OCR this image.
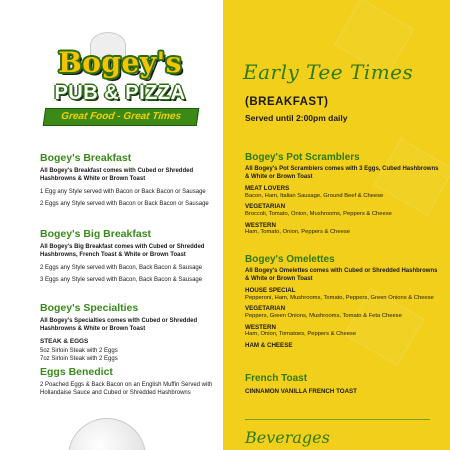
Bogey's
PUB & PIZZA
Great Food - Great Times

Bogey's Breakfast

All Bogey's Breakfast comes with Cubed or Shredded Hashbrowns & White or Brown Toast

1 Egg any Style served with Bacon or Back Bacon or Sausage

2 Eggs any Style served with Bacon or Back Bacon or Sausage

Bogey's Big Breakfast

All Bogey's Big Breakfast comes with Cubed or Shredded Hashbrowns, French Toast & White or Brown Toast

2 Eggs any Style served with Bacon, Back Bacon & Sausage

3 Eggs any Style served with Bacon, Back Bacon & Sausage

Bogey's Specialties

All Bogey's Specialties comes with Cubed or Shredded Hashbrowns & White or Brown Toast

STEAK & EGGS

5oz Sirloin Steak with 2 Eggs

7oz Sirloin Steak with 2 Eggs

Eggs Benedict

2 Poached Eggs & Back Bacon on an English Muffin Served with Hollandaise Sauce and Cubed or Shredded Hashbrowns

Early Tee Times
(BREAKFAST)
Served until 2:00pm daily

Bogey's Pot Scramblers

All Bogey's Pot Scramblers comes with 3 Eggs, Cubed Hashbrowns & White or Brown Toast

MEAT LOVERS

Bacon, Ham, Italian Sausage, Ground Beef & Cheese

VEGETARIAN

Broccoli, Tomato, Onion, Mushrooms, Peppers & Cheese

WESTERN

Ham, Tomato, Onion, Peppers & Cheese

Bogey's Omelettes

All Bogey's Omelettes comes with Cubed or Shredded Hashbrowns & White or Brown Toast

HOUSE SPECIAL

Pepperoni, Ham, Mushrooms, Tomato, Peppers, Green Onions & Cheese

VEGETARIAN

Peppers, Green Onions, Mushrooms, Tomato & Feta Cheese

WESTERN

Ham, Onion, Tomatoes, Peppers & Cheese

HAM & CHEESE

French Toast

CINNAMON VANILLA FRENCH TOAST

Beverages
